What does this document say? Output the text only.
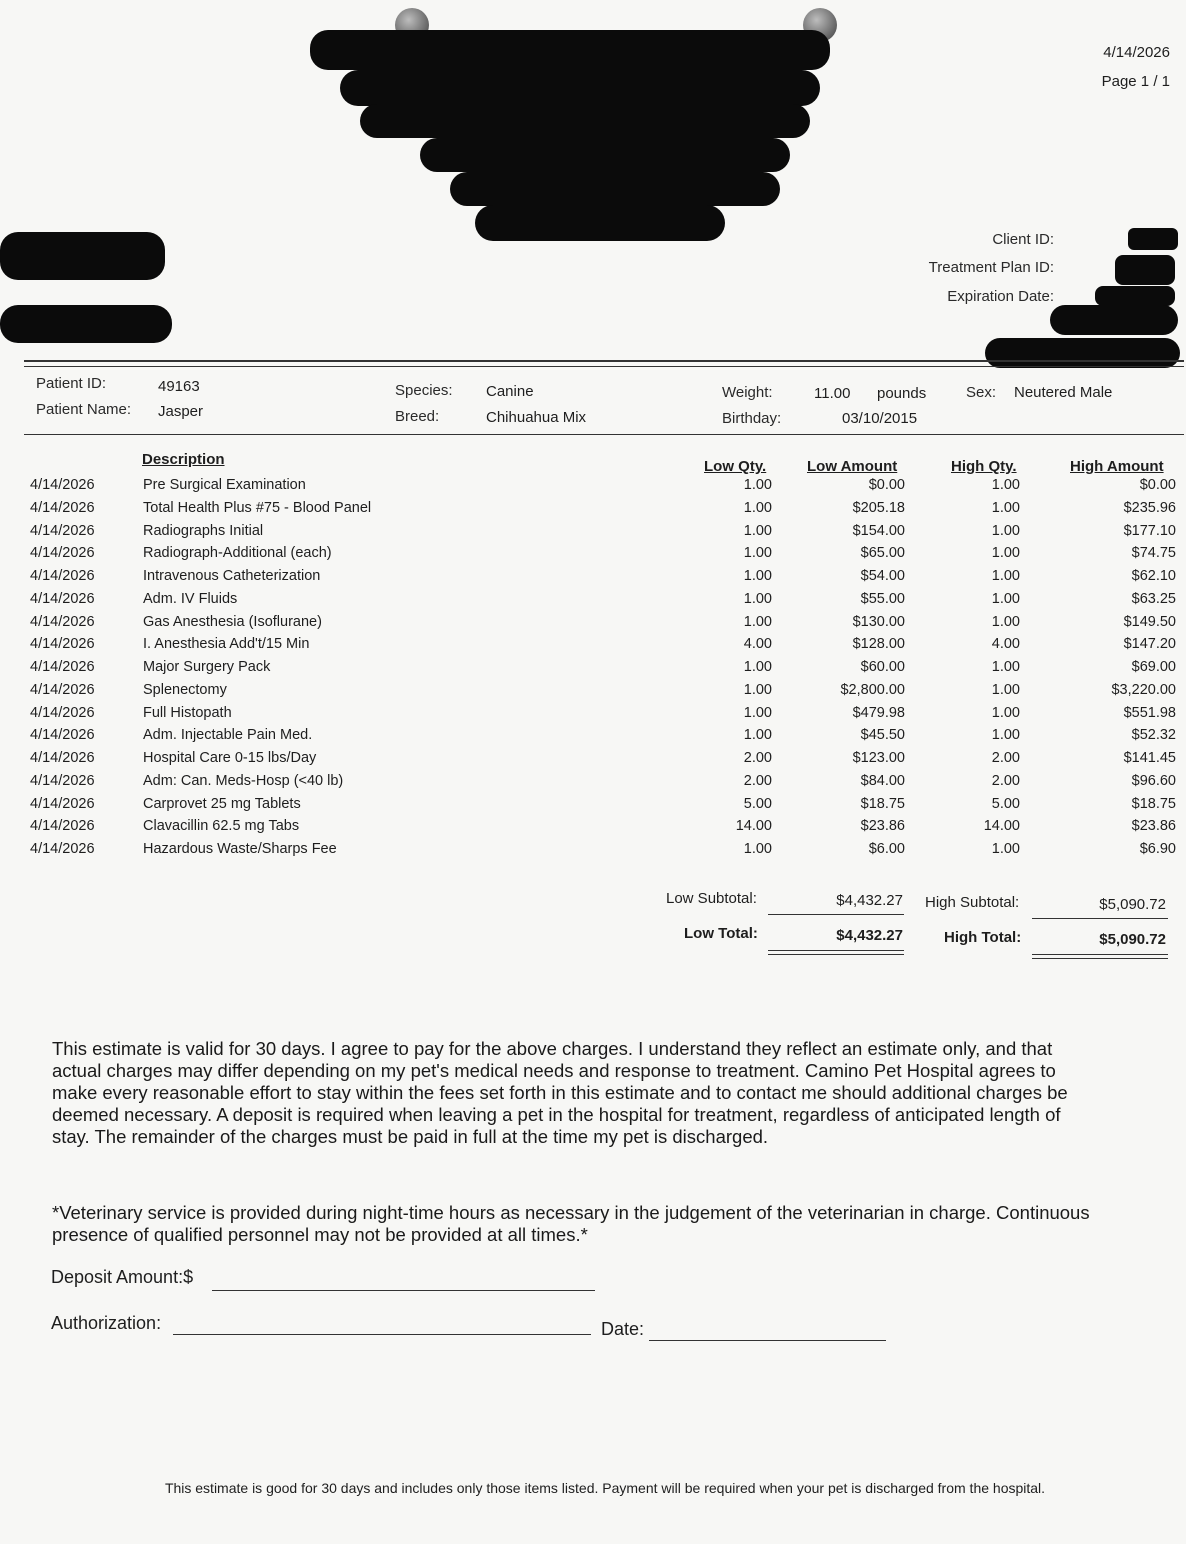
4/14/2026
Page 1 / 1
Client ID:
Treatment Plan ID:
Expiration Date:
Patient ID:	49163
Patient Name: Jasper
Species: Canine
Breed:	Chihuahua Mix
Weight:	11.00 pounds
Birthday:	03/10/2015
Sex: Neutered Male
Description	Low Qty.	Low Amount	High Qty.	High Amount
4/14/2026	Pre Surgical Examination	1.00	$0.00	1.00	$0.00
4/14/2026	Total Health Plus #75 - Blood Panel	1.00	$205.18	1.00	$235.96
4/14/2026	Radiographs Initial	1.00	$154.00	1.00	$177.10
4/14/2026	Radiograph-Additional (each)	1.00	$65.00	1.00	$74.75
4/14/2026	Intravenous Catheterization	1.00	$54.00	1.00	$62.10
4/14/2026	Adm. IV Fluids	1.00	$55.00	1.00	$63.25
4/14/2026	Gas Anesthesia (Isoflurane)	1.00	$130.00	1.00	$149.50
4/14/2026	I. Anesthesia Add't/15 Min	4.00	$128.00	4.00	$147.20
4/14/2026	Major Surgery Pack	1.00	$60.00	1.00	$69.00
4/14/2026	Splenectomy	1.00	$2,800.00	1.00	$3,220.00
4/14/2026	Full Histopath	1.00	$479.98	1.00	$551.98
4/14/2026	Adm. Injectable Pain Med.	1.00	$45.50	1.00	$52.32
4/14/2026	Hospital Care 0-15 lbs/Day	2.00	$123.00	2.00	$141.45
4/14/2026	Adm: Can. Meds-Hosp (<40 lb)	2.00	$84.00	2.00	$96.60
4/14/2026	Carprovet 25 mg Tablets	5.00	$18.75	5.00	$18.75
4/14/2026	Clavacillin 62.5 mg Tabs	14.00	$23.86	14.00	$23.86
4/14/2026	Hazardous Waste/Sharps Fee	1.00	$6.00	1.00	$6.90
Low Subtotal:	$4,432.27 High Subtotal:	$5,090.72
Low Total:	$4,432.27	High Total:	$5,090.72
This estimate is valid for 30 days. I agree to pay for the above charges. I understand they reflect an estimate only, and that actual charges may differ depending on my pet's medical needs and response to treatment. Camino Pet Hospital agrees to make every reasonable effort to stay within the fees set forth in this estimate and to contact me should additional charges be deemed necessary. A deposit is required when leaving a pet in the hospital for treatment, regardless of anticipated length of stay. The remainder of the charges must be paid in full at the time my pet is discharged.
*Veterinary service is provided during night-time hours as necessary in the judgement of the veterinarian in charge. Continuous presence of qualified personnel may not be provided at all times.*
Deposit Amount:$
Authorization:	Date:
This estimate is good for 30 days and includes only those items listed. Payment will be required when your pet is discharged from the hospital.
